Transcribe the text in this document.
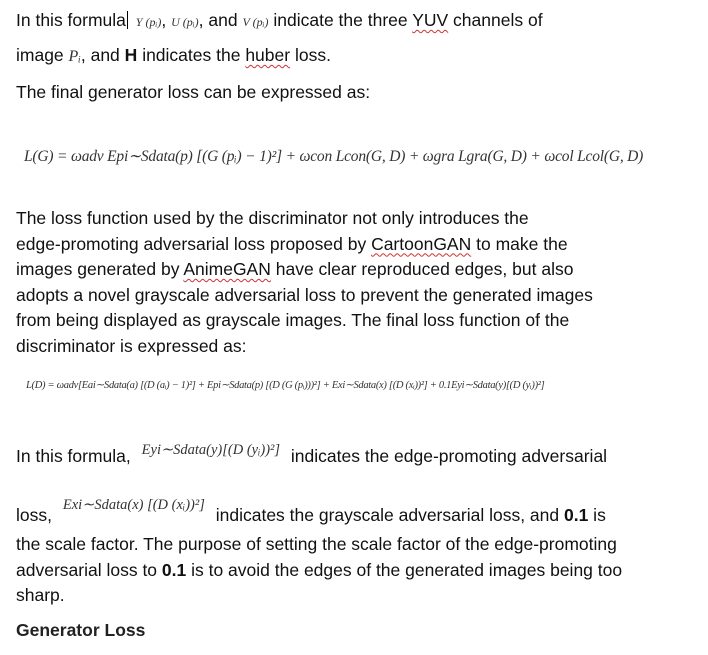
In this formula Y (pᵢ), U (pᵢ), and V (pᵢ) indicate the three YUV channels of
image Pᵢ, and H indicates the huber loss.
The final generator loss can be expressed as:
L(G) = ωadv Epi∼Sdata(p) [(G (pᵢ) − 1)²] + ωcon Lcon(G, D) + ωgra Lgra(G, D) + ωcol Lcol(G, D)
The loss function used by the discriminator not only introduces the
edge-promoting adversarial loss proposed by CartoonGAN to make the
images generated by AnimeGAN have clear reproduced edges, but also
adopts a novel grayscale adversarial loss to prevent the generated images
from being displayed as grayscale images. The final loss function of the
discriminator is expressed as:
L(D) = ωadv[Eai∼Sdata(a) [(D (aᵢ) − 1)²] + Epi∼Sdata(p) [(D (G (pᵢ)))²] + Exi∼Sdata(x) [(D (xᵢ))²] + 0.1Eyi∼Sdata(y)[(D (yᵢ))²]
In this formula, $^{Eyi\sim Sdata(y)[(D (yᵢ))^2]}$ indicates the edge-promoting adversarial
loss, $^{Exi\sim Sdata(x) [(D (xᵢ))^2]}$ indicates the grayscale adversarial loss, and 0.1 is
the scale factor. The purpose of setting the scale factor of the edge-promoting
adversarial loss to 0.1 is to avoid the edges of the generated images being too
sharp.
Generator Loss
